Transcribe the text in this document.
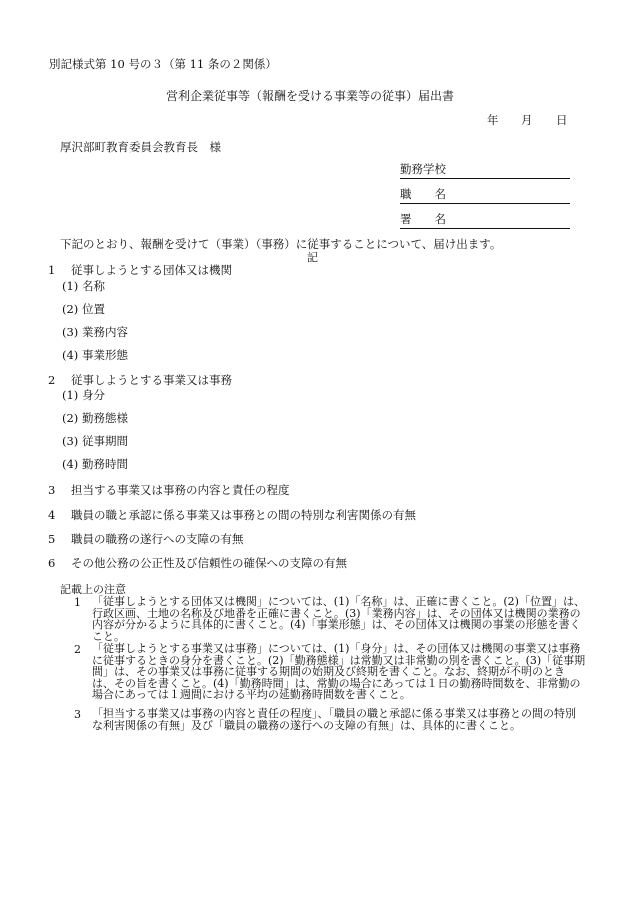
別記様式第 10 号の３（第 11 条の２関係）
営利企業従事等（報酬を受ける事業等の従事）届出書
年 月 日
厚沢部町教育委員会教育長　様
勤務学校
職　　名
署　　名
下記のとおり、報酬を受けて（事業）（事務）に従事することについて、届け出ます。
記
1 従事しようとする団体又は機関
(1) 名称
(2) 位置
(3) 業務内容
(4) 事業形態
2 従事しようとする事業又は事務
(1) 身分
(2) 勤務態様
(3) 従事期間
(4) 勤務時間
3 担当する事業又は事務の内容と責任の程度
4 職員の職と承認に係る事業又は事務との間の特別な利害関係の有無
5 職員の職務の遂行への支障の有無
6 その他公務の公正性及び信頼性の確保への支障の有無
記載上の注意
1 「従事しようとする団体又は機関」については、(1)「名称」は、正確に書くこと。(2)「位置」は、行政区画、土地の名称及び地番を正確に書くこと。(3)「業務内容」は、その団体又は機関の業務の内容が分かるように具体的に書くこと。(4)「事業形態」は、その団体又は機関の事業の形態を書くこと。
2 「従事しようとする事業又は事務」については、(1)「身分」は、その団体又は機関の事業又は事務に従事するときの身分を書くこと。(2)「勤務態様」は常勤又は非常勤の別を書くこと。(3)「従事期間」は、その事業又は事務に従事する期間の始期及び終期を書くこと。なお、終期が不明のときは、その旨を書くこと。(4)「勤務時間」は、常勤の場合にあっては１日の勤務時間数を、非常勤の場合にあっては１週間における平均の延勤務時間数を書くこと。
3 「担当する事業又は事務の内容と責任の程度」、「職員の職と承認に係る事業又は事務との間の特別な利害関係の有無」及び「職員の職務の遂行への支障の有無」は、具体的に書くこと。
